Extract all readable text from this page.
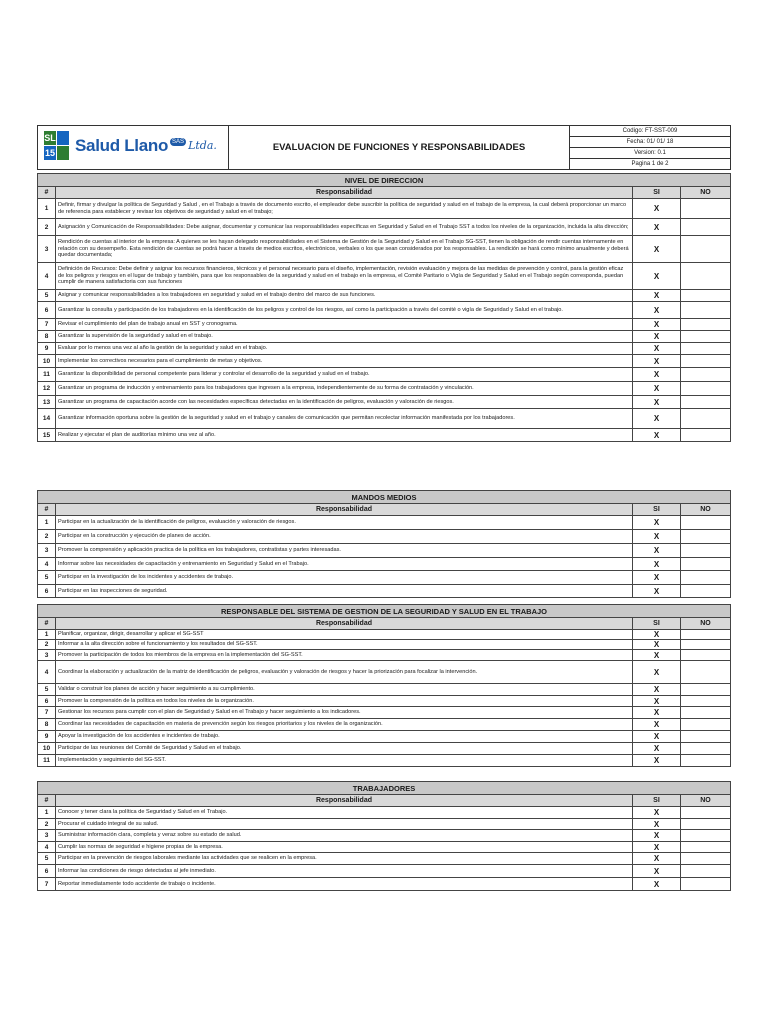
SL
15 Salud Llano SAS Ltda.	EVALUACION DE FUNCIONES Y RESPONSABILIDADES	
Codigo: FT-SST-009
Fecha: 01/ 01/ 18
Version: 0.1
Pagina 1 de 2
NIVEL DE DIRECCION			
#	Responsabilidad	SI	NO
1	Definir, firmar y divulgar la política de Seguridad y Salud , en el Trabajo a través de documento escrito, el empleador debe suscribir la política de seguridad y salud en el trabajo de la empresa, la cual deberá proporcionar un marco de referencia para establecer y revisar los objetivos de seguridad y salud en el trabajo;	X	
2	Asignación y Comunicación de Responsabilidades: Debe asignar, documentar y comunicar las responsabilidades específicas en Seguridad y Salud en el Trabajo SST a todos los niveles de la organización, incluida la alta dirección;	X	
3	Rendición de cuentas al interior de la empresa: A quienes se les hayan delegado responsabilidades en el Sistema de Gestión de la Seguridad y Salud en el Trabajo SG-SST, tienen la obligación de rendir cuentas internamente en relación con su desempeño. Esta rendición de cuentas se podrá hacer a través de medios escritos, electrónicos, verbales o los que sean considerados por los responsables. La rendición se hará como mínimo anualmente y deberá quedar documentada;	X	
4	Definición de Recursos: Debe definir y asignar los recursos financieros, técnicos y el personal necesario para el diseño, implementación, revisión evaluación y mejora de las medidas de prevención y control, para la gestión eficaz de los peligros y riesgos en el lugar de trabajo y también, para que los responsables de la seguridad y salud en el trabajo en la empresa, el Comité Paritario o Vigía de Seguridad y Salud en el Trabajo según corresponda, puedan cumplir de manera satisfactoria con sus funciones	X	
5	Asignar y comunicar responsabilidades a los trabajadores en seguridad y salud en el trabajo dentro del marco de sus funciones.	X	
6	Garantizar la consulta y participación de los trabajadores en la identificación de los peligros y control de los riesgos, así como la participación a través del comité o vigía de Seguridad y Salud en el trabajo.	X	
7	Revisar el cumplimiento del plan de trabajo anual en SST y cronograma.	X	
8	Garantizar la supervisión de la seguridad y salud en el trabajo.	X	
9	Evaluar por lo menos una vez al año la gestión de la seguridad y salud en el trabajo.	X	
10	Implementar los correctivos necesarios para el cumplimiento de metas y objetivos.	X	
11	Garantizar la disponibilidad de personal competente para liderar y controlar el desarrollo de la seguridad y salud en el trabajo.	X	
12	Garantizar un programa de inducción y entrenamiento para los trabajadores que ingresen a la empresa, independientemente de su forma de contratación y vinculación.	X	
13	Garantizar un programa de capacitación acorde con las necesidades específicas detectadas en la identificación de peligros, evaluación y valoración de riesgos.	X	
14	Garantizar información oportuna sobre la gestión de la seguridad y salud en el trabajo y canales de comunicación que permitan recolectar información manifestada por los trabajadores.	X	
15	Realizar y ejecutar el plan de auditorías mínimo una vez al año.	X	
MANDOS MEDIOS			
#	Responsabilidad	SI	NO
1	Participar en la actualización de la identificación de peligros, evaluación y valoración de riesgos.	X	
2	Participar en la construcción y ejecución de planes de acción.	X	
3	Promover la comprensión y aplicación practica de la política en los trabajadores, contratistas y partes interesadas.	X	
4	Informar sobre las necesidades de capacitación y entrenamiento en Seguridad y Salud en el Trabajo.	X	
5	Participar en la investigación de los incidentes y accidentes de trabajo.	X	
6	Participar en las inspecciones de seguridad.	X	
RESPONSABLE DEL SISTEMA DE GESTION DE LA SEGURIDAD Y SALUD EN EL TRABAJO			
#	Responsabilidad	SI	NO
1	Planificar, organizar, dirigir, desarrollar y aplicar el SG-SST	X	
2	Informar a la alta dirección sobre el funcionamiento y los resultados del SG-SST.	X	
3	Promover la participación de todos los miembros de la empresa en la implementación del SG-SST.	X	
4	Coordinar la elaboración y actualización de la matriz de identificación de peligros, evaluación y valoración de riesgos y hacer la priorización para focalizar la intervención.	X	
5	Validar o construir los planes de acción y hacer seguimiento a su cumplimiento.	X	
6	Promover la comprensión de la política en todos los niveles de la organización.	X	
7	Gestionar los recursos para cumplir con el plan de Seguridad y Salud en el Trabajo y hacer seguimiento a los indicadores.	X	
8	Coordinar las necesidades de capacitación en materia de prevención según los riesgos prioritarios y los niveles de la organización.	X	
9	Apoyar la investigación de los accidentes e incidentes de trabajo.	X	
10	Participar de las reuniones del Comité de Seguridad y Salud en el trabajo.	X	
11	Implementación y seguimiento del SG-SST.	X	
TRABAJADORES			
#	Responsabilidad	SI	NO
1	Conocer y tener clara la política de Seguridad y Salud en el Trabajo.	X	
2	Procurar el cuidado integral de su salud.	X	
3	Suministrar información clara, completa y veraz sobre su estado de salud.	X	
4	Cumplir las normas de seguridad e higiene propias de la empresa.	X	
5	Participar en la prevención de riesgos laborales mediante las actividades que se realicen en la empresa.	X	
6	Informar las condiciones de riesgo detectadas al jefe inmediato.	X	
7	Reportar inmediatamente todo accidente de trabajo o incidente.	X	
